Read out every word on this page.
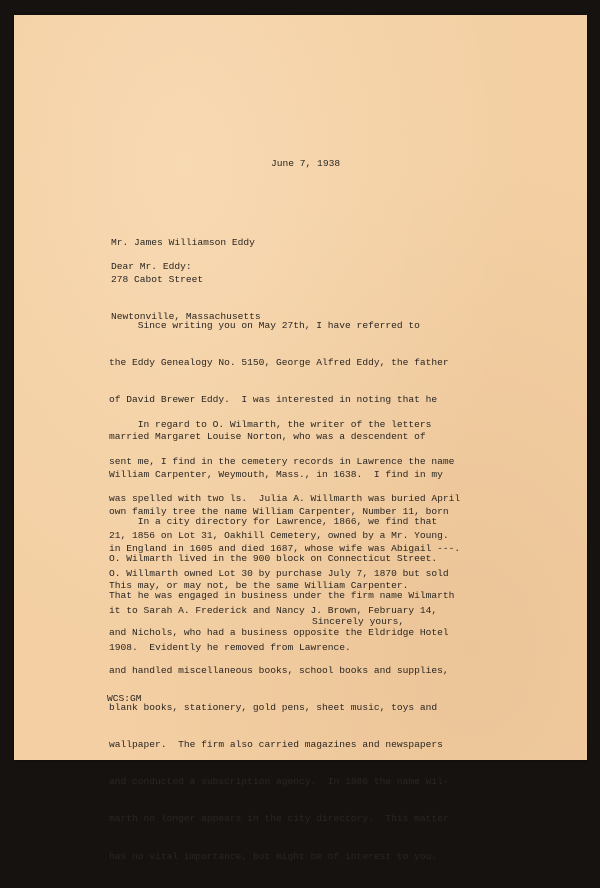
June 7, 1938

Mr. James Williamson Eddy

278 Cabot Street

Newtonville, Massachusetts

Dear Mr. Eddy:

Since writing you on May 27th, I have referred to

the Eddy Genealogy No. 5150, George Alfred Eddy, the father

of David Brewer Eddy.  I was interested in noting that he

married Margaret Louise Norton, who was a descendent of

William Carpenter, Weymouth, Mass., in 1638.  I find in my

own family tree the name William Carpenter, Number 11, born

in England in 1605 and died 1687, whose wife was Abigail ---.

This may, or may not, be the same William Carpenter.

In regard to O. Wilmarth, the writer of the letters

sent me, I find in the cemetery records in Lawrence the name

was spelled with two ls.  Julia A. Willmarth was buried April

21, 1856 on Lot 31, Oakhill Cemetery, owned by a Mr. Young.

O. Willmarth owned Lot 30 by purchase July 7, 1870 but sold

it to Sarah A. Frederick and Nancy J. Brown, February 14,

1908.  Evidently he removed from Lawrence.

In a city directory for Lawrence, 1866, we find that

O. Wilmarth lived in the 900 block on Connecticut Street.

That he was engaged in business under the firm name Wilmarth

and Nichols, who had a business opposite the Eldridge Hotel

and handled miscellaneous books, school books and supplies,

blank books, stationery, gold pens, sheet music, toys and

wallpaper.  The firm also carried magazines and newspapers

and conducted a subscription agency.  In 1886 the name Wil-

marth no longer appears in the city directory.  This matter

has no vital importance, but might be of interest to you.

Sincerely yours,
WCS:GM
